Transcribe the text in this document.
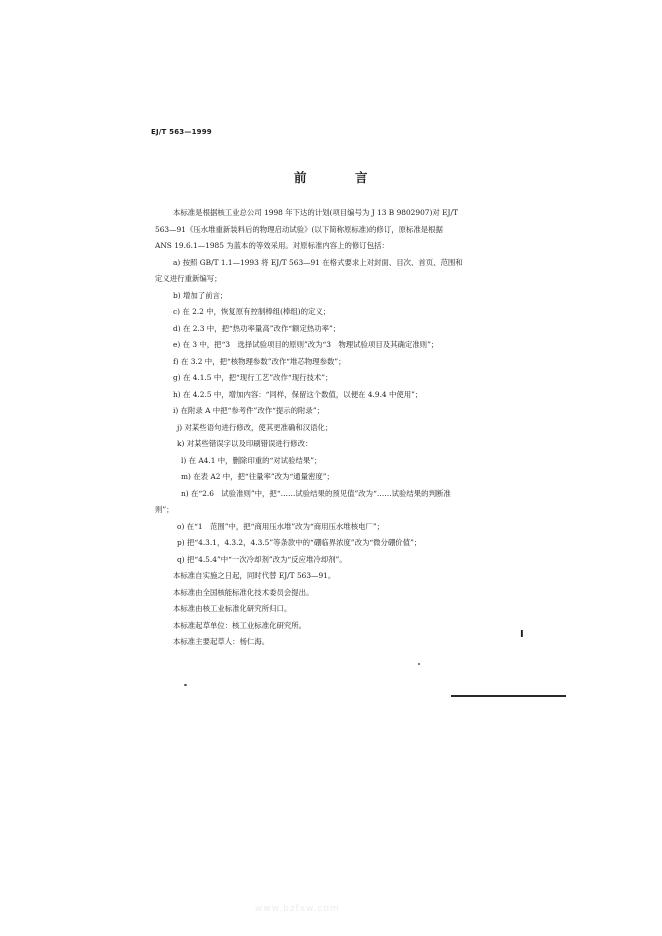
EJ/T 563—1999
前　言
本标准是根据核工业总公司 1998 年下达的计划(项目编号为 J 13 B 9802907)对 EJ/T
563—91《压水堆重新装料后的物理启动试验》(以下简称原标准)的修订，原标准是根据
ANS 19.6.1—1985 为蓝本的等效采用。对原标准内容上的修订包括：
a) 按照 GB/T 1.1—1993 将 EJ/T 563—91 在格式要求上对封面、目次、首页、范围和
定义进行重新编写；
b) 增加了前言；
c) 在 2.2 中，恢复原有控制棒组(棒组)的定义；
d) 在 2.3 中，把“热功率量高”改作“额定热功率”；
e) 在 3 中，把“3　选择试验项目的原则”改为“3　物理试验项目及其确定准则”；
f) 在 3.2 中，把“核物理参数”改作“堆芯物理参数”；
g) 在 4.1.5 中，把“现行工艺”改作“现行技术”；
h) 在 4.2.5 中，增加内容：“同样，保留这个数值，以便在 4.9.4 中使用”；
i) 在附录 A 中把“参考件”改作“提示的附录”；
j) 对某些语句进行修改，使其更准确和汉语化；
k) 对某些错误字以及印刷错误进行修改：
l) 在 A4.1 中，删除印重的“对试验结果”；
m) 在表 A2 中，把“往量率”改为“通量密度”；
n) 在“2.6　试验准则”中，把“……试验结果的预见值”改为“……试验结果的判断准
则”；
o) 在“1　范围”中，把“商用压水堆”改为“商用压水堆核电厂”；
p) 把“4.3.1，4.3.2，4.3.5”等条款中的“硼临界浓度”改为“微分硼价值”；
q) 把“4.5.4”中“一次冷却剂”改为“反应堆冷却剂”。
本标准自实施之日起，同时代替 EJ/T 563—91。
本标准由全国核能标准化技术委员会提出。
本标准由核工业标准化研究所归口。
本标准起草单位：核工业标准化研究所。
本标准主要起草人：杨仁海。
I
www.bzfxw.com
